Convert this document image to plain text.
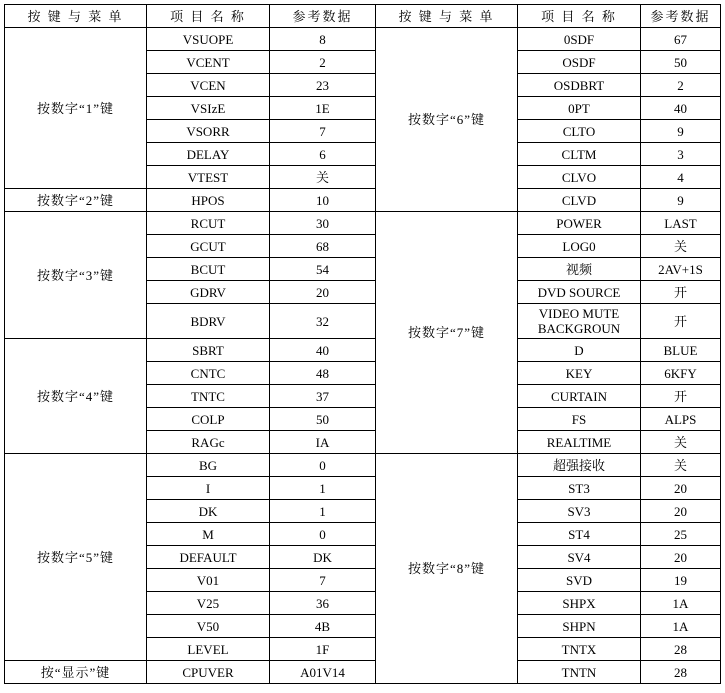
按 键 与 菜 单	项 目 名 称	参考数据	按 键 与 菜 单	项 目 名 称	参考数据
按数字“1”键	VSUOPE	8	按数字“6”键	0SDF	67
	VCENT	2		OSDF	50
	VCEN	23		OSDBRT	2
	VSIzE	1E		0PT	40
	VSORR	7		CLTO	9
	DELAY	6		CLTM	3
	VTEST	关		CLVO	4
按数字“2”键	HPOS	10		CLVD	9
按数字“3”键	RCUT	30	按数字“7”键	POWER	LAST
	GCUT	68		LOG0	关
	BCUT	54		视频	2AV+1S
	GDRV	20		DVD SOURCE	开
	BDRV	32		VIDEO MUTE BACKGROUN	开
按数字“4”键	SBRT	40		D	BLUE
	CNTC	48		KEY	6KFY
	TNTC	37		CURTAIN	开
	COLP	50		FS	ALPS
	RAGc	IA		REALTIME	关
按数字“5”键	BG	0	按数字“8”键	超强接收	关
	I	1		ST3	20
	DK	1		SV3	20
	M	0		ST4	25
	DEFAULT	DK		SV4	20
	V01	7		SVD	19
	V25	36		SHPX	1A
	V50	4B		SHPN	1A
	LEVEL	1F		TNTX	28
按“显示”键	CPUVER	A01V14		TNTN	28
